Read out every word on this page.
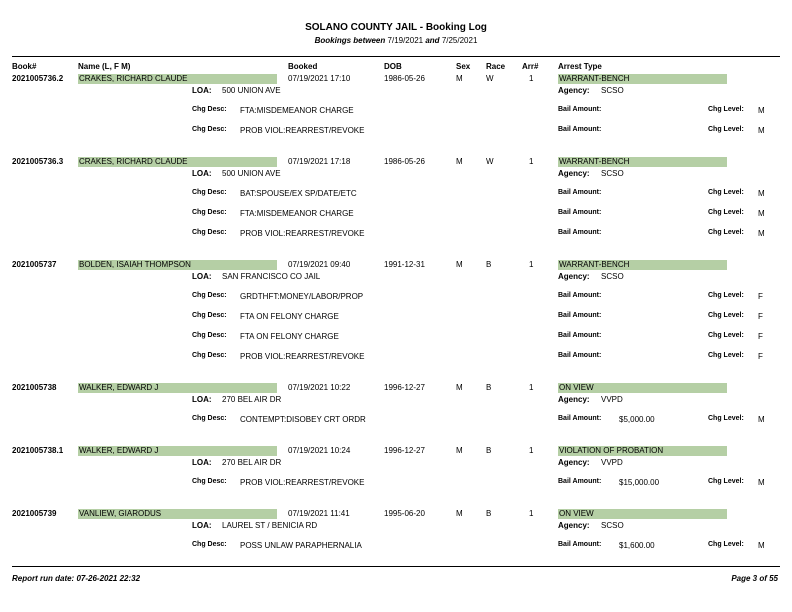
SOLANO COUNTY JAIL - Booking Log
Bookings between 7/19/2021 and 7/25/2021
Book#	Name (L, F M)	Booked	DOB	Sex Race Arr# Arrest Type
2021005736.2 CRAKES, RICHARD CLAUDE	07/19/2021 17:10	1986-05-26	M	W	1	WARRANT-BENCH
LOA: 500 UNION AVE	Agency: SCSO
Chg Desc: FTA:MISDEMEANOR CHARGE	Bail Amount:	Chg Level: M
Chg Desc: PROB VIOL:REARREST/REVOKE	Bail Amount:	Chg Level: M
2021005736.3 CRAKES, RICHARD CLAUDE	07/19/2021 17:18	1986-05-26	M	W	1	WARRANT-BENCH
LOA: 500 UNION AVE	Agency: SCSO
Chg Desc: BAT:SPOUSE/EX SP/DATE/ETC	Bail Amount:	Chg Level: M
Chg Desc: FTA:MISDEMEANOR CHARGE	Bail Amount:	Chg Level: M
Chg Desc: PROB VIOL:REARREST/REVOKE	Bail Amount:	Chg Level: M
2021005737	BOLDEN, ISAIAH THOMPSON	07/19/2021 09:40	1991-12-31	M	B	1	WARRANT-BENCH
LOA: SAN FRANCISCO CO JAIL	Agency: SCSO
Chg Desc: GRDTHFT:MONEY/LABOR/PROP	Bail Amount:	Chg Level: F
Chg Desc: FTA ON FELONY CHARGE	Bail Amount:	Chg Level: F
Chg Desc: FTA ON FELONY CHARGE	Bail Amount:	Chg Level: F
Chg Desc: PROB VIOL:REARREST/REVOKE	Bail Amount:	Chg Level: F
2021005738	WALKER, EDWARD J	07/19/2021 10:22	1996-12-27	M	B	1	ON VIEW
LOA: 270 BEL AIR DR	Agency: VVPD
Chg Desc: CONTEMPT:DISOBEY CRT ORDR	Bail Amount: $5,000.00	Chg Level: M
2021005738.1 WALKER, EDWARD J	07/19/2021 10:24	1996-12-27	M	B	1	VIOLATION OF PROBATION
LOA: 270 BEL AIR DR	Agency: VVPD
Chg Desc: PROB VIOL:REARREST/REVOKE	Bail Amount: $15,000.00	Chg Level: M
2021005739	VANLIEW, GIARODUS	07/19/2021 11:41	1995-06-20	M	B	1	ON VIEW
LOA: LAUREL ST / BENICIA RD	Agency: SCSO
Chg Desc: POSS UNLAW PARAPHERNALIA	Bail Amount: $1,600.00	Chg Level: M
Report run date: 07-26-2021 22:32	Page 3 of 55
